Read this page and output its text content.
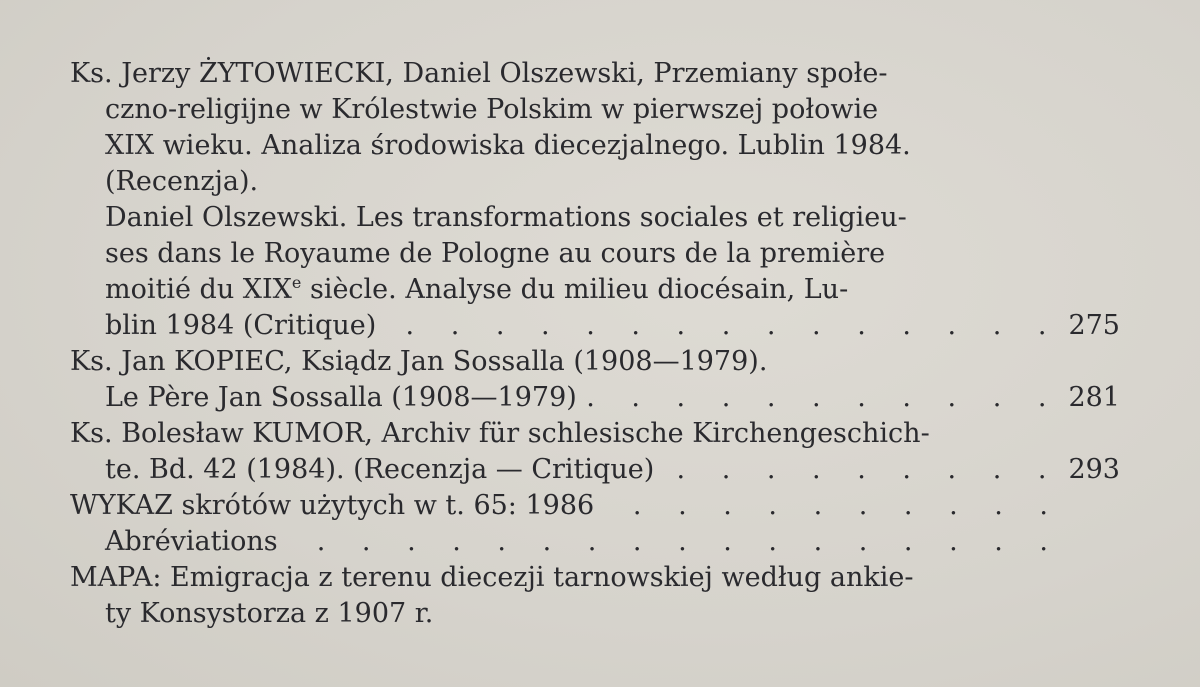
Ks. Jerzy ŻYTOWIECKI, Daniel Olszewski, Przemiany społe-
czno-religijne w Królestwie Polskim w pierwszej połowie
XIX wieku. Analiza środowiska diecezjalnego. Lublin 1984.
(Recenzja).
Daniel Olszewski. Les transformations sociales et religieu-
ses dans le Royaume de Pologne au cours de la première
moitié du XIXe siècle. Analyse du milieu diocésain, Lu-
blin 1984 (Critique) . . .	275
Ks. Jan KOPIEC, Ksiądz Jan Sossalla (1908—1979).
Le Père Jan Sossalla (1908—1979) . . .	281
Ks. Bolesław KUMOR, Archiv für schlesische Kirchengeschich-
te. Bd. 42 (1984). (Recenzja — Critique) . . .	293
WYKAZ skrótów użytych w t. 65: 1986
. . .
Abréviations
. . .
MAPA: Emigracja z terenu diecezji tarnowskiej według ankie-
ty Konsystorza z 1907 r.
